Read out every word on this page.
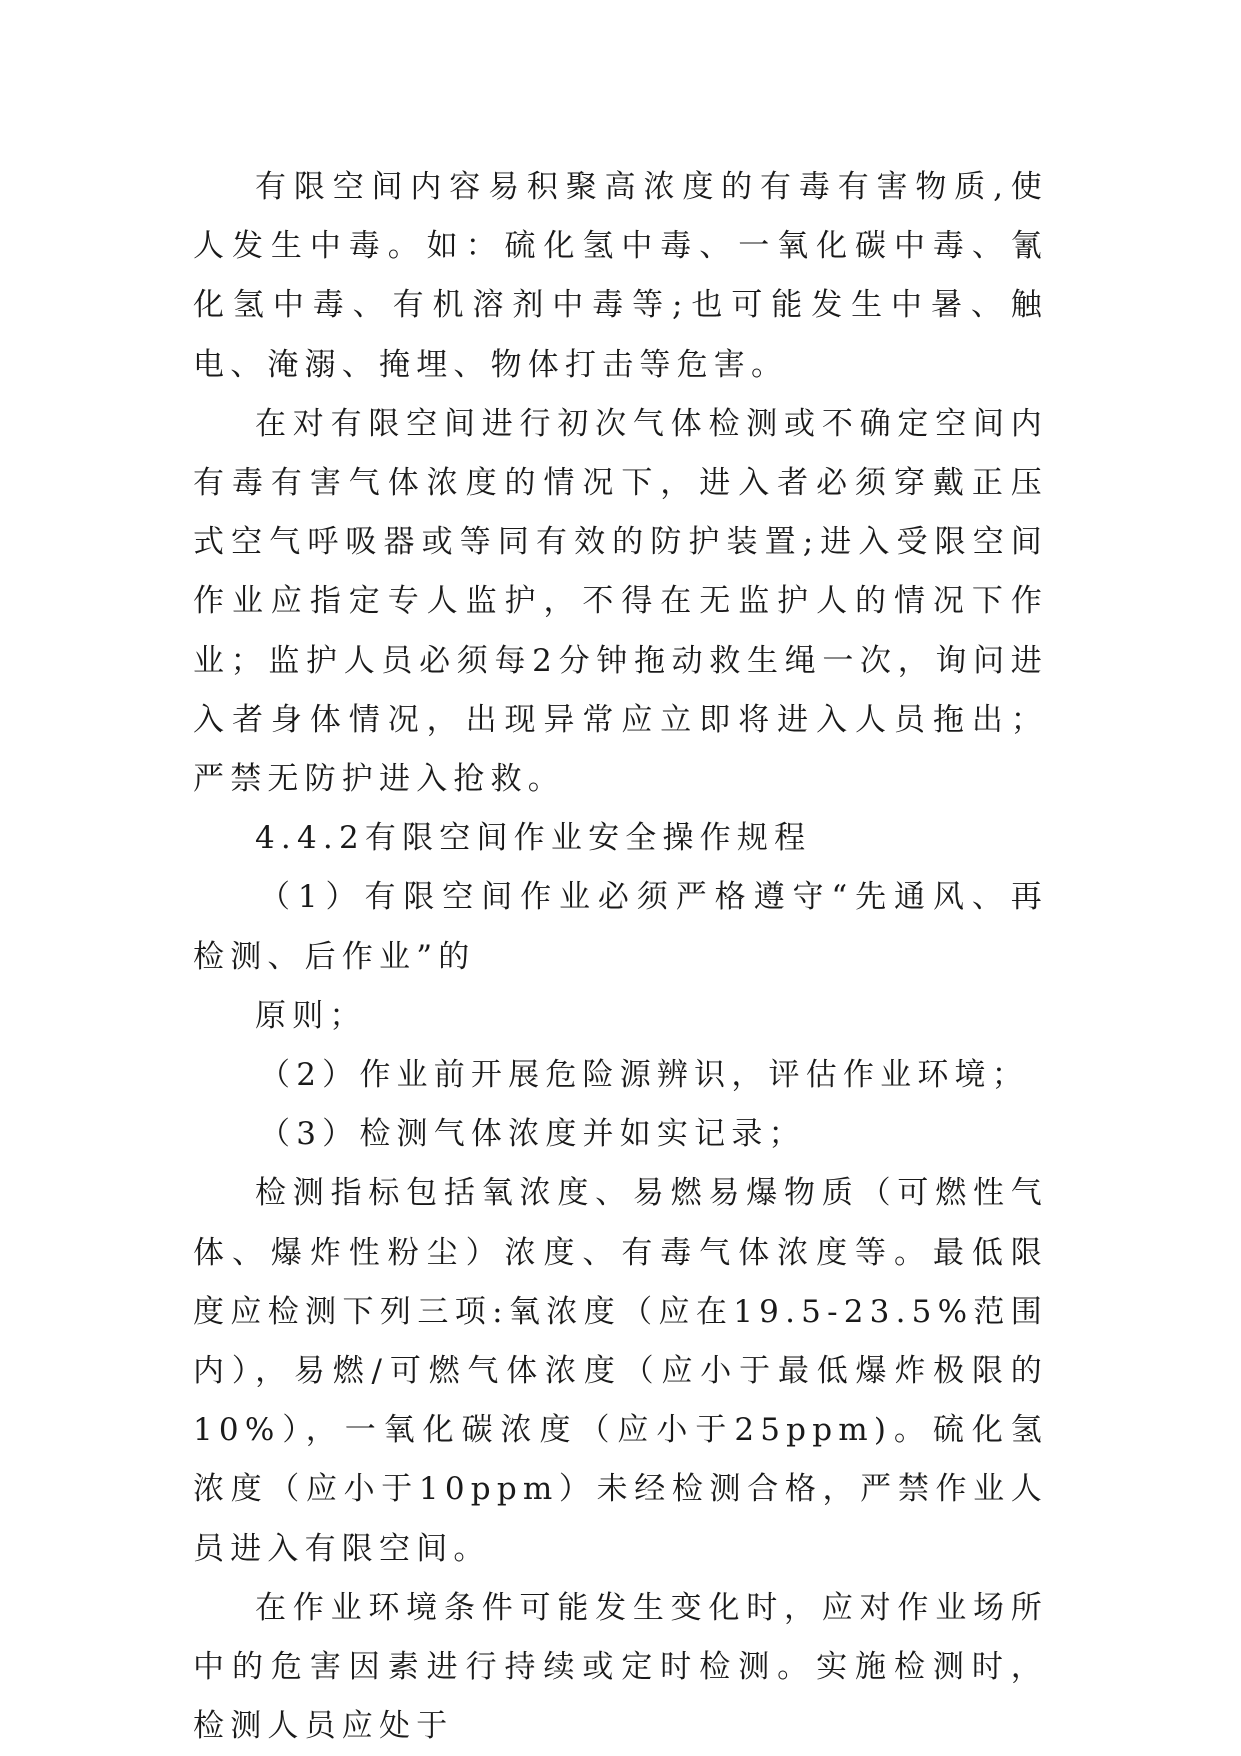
有限空间内容易积聚高浓度的有毒有害物质,使人发生中毒。如：硫化氢中毒、一氧化碳中毒、氰化氢中毒、有机溶剂中毒等;也可能发生中暑、触电、淹溺、掩埋、物体打击等危害。

在对有限空间进行初次气体检测或不确定空间内有毒有害气体浓度的情况下，进入者必须穿戴正压式空气呼吸器或等同有效的防护装置;进入受限空间作业应指定专人监护，不得在无监护人的情况下作业；监护人员必须每2分钟拖动救生绳一次，询问进入者身体情况，出现异常应立即将进入人员拖出；严禁无防护进入抢救。

4.4.2有限空间作业安全操作规程

（1）有限空间作业必须严格遵守“先通风、再检测、后作业”的

原则；

（2）作业前开展危险源辨识，评估作业环境；

（3）检测气体浓度并如实记录；

检测指标包括氧浓度、易燃易爆物质（可燃性气体、爆炸性粉尘）浓度、有毒气体浓度等。最低限度应检测下列三项:氧浓度（应在19.5-23.5%范围内），易燃/可燃气体浓度（应小于最低爆炸极限的10%），一氧化碳浓度（应小于25ppm)。硫化氢浓度（应小于10ppm）未经检测合格，严禁作业人员进入有限空间。

在作业环境条件可能发生变化时，应对作业场所中的危害因素进行持续或定时检测。实施检测时，检测人员应处于
